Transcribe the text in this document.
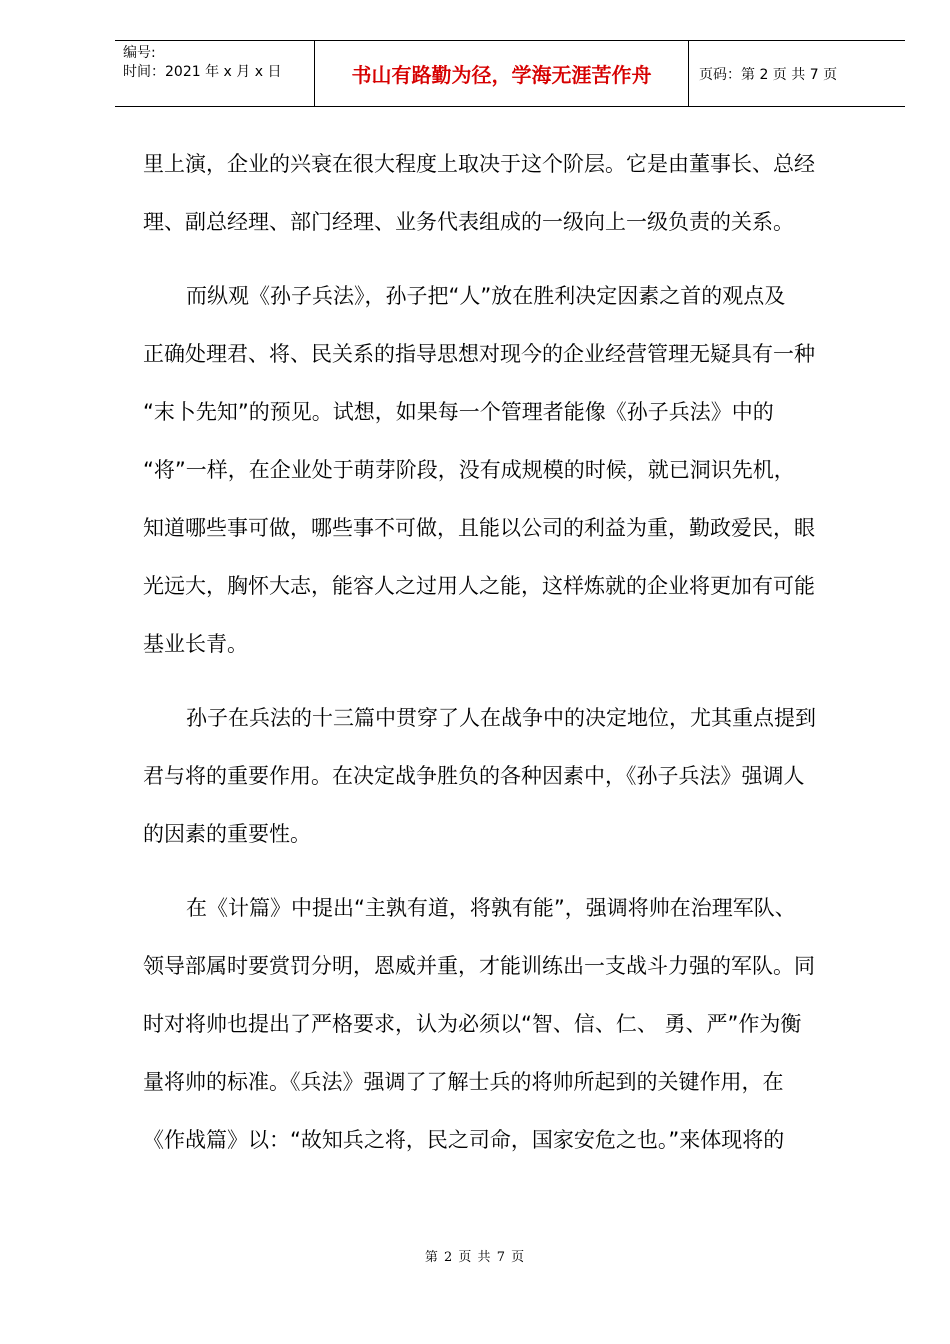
编号:
时间：2021 年 x 月 x 日	书山有路勤为径，学海无涯苦作舟	页码：第 2 页 共 7 页
里上演，企业的兴衰在很大程度上取决于这个阶层。它是由董事长、总经
理、副总经理、部门经理、业务代表组成的一级向上一级负责的关系。
而纵观《孙子兵法》，孙子把“人”放在胜利决定因素之首的观点及
正确处理君、将、民关系的指导思想对现今的企业经营管理无疑具有一种
“末卜先知”的预见。试想，如果每一个管理者能像《孙子兵法》中的
“将”一样，在企业处于萌芽阶段，没有成规模的时候，就已洞识先机，
知道哪些事可做，哪些事不可做，且能以公司的利益为重，勤政爱民，眼
光远大，胸怀大志，能容人之过用人之能，这样炼就的企业将更加有可能
基业长青。
孙子在兵法的十三篇中贯穿了人在战争中的决定地位，尤其重点提到
君与将的重要作用。在决定战争胜负的各种因素中，《孙子兵法》强调人
的因素的重要性。
在《计篇》中提出“主孰有道，将孰有能”，强调将帅在治理军队、
领导部属时要赏罚分明，恩威并重，才能训练出一支战斗力强的军队。同
时对将帅也提出了严格要求，认为必须以“智、信、仁、 勇、严”作为衡
量将帅的标准。《兵法》强调了了解士兵的将帅所起到的关键作用，在
《作战篇》以：“故知兵之将，民之司命，国家安危之也。”来体现将的
第 2 页 共 7 页
